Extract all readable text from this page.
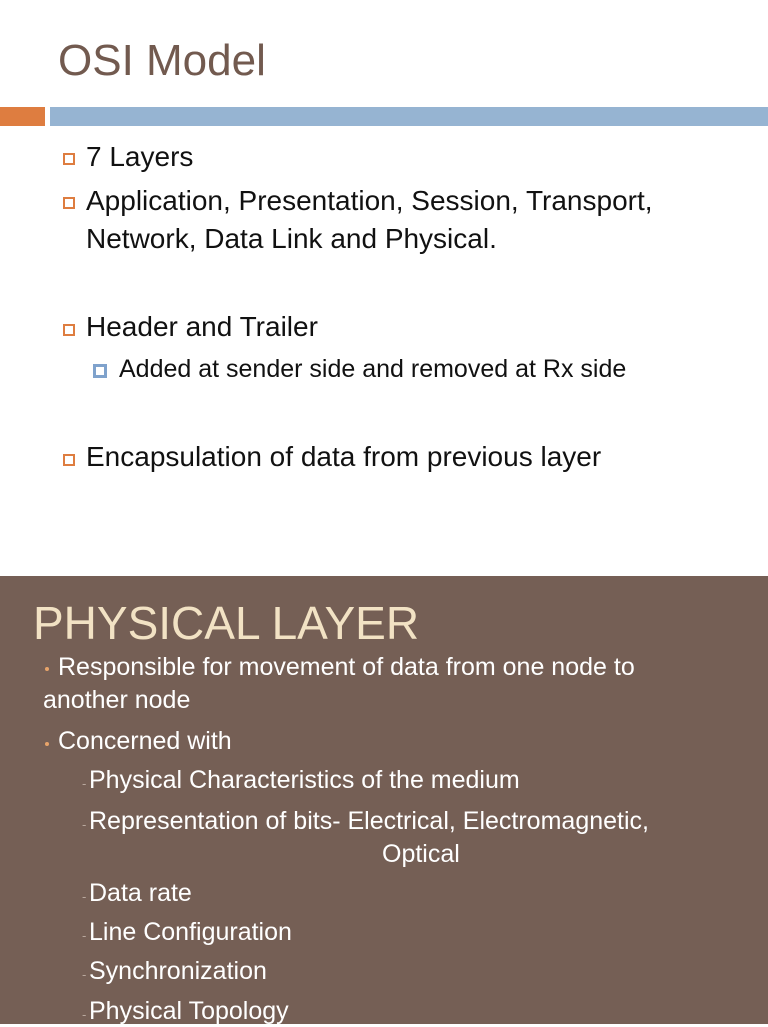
OSI Model
7 Layers
Application, Presentation, Session, Transport,
Network, Data Link and Physical.
Header and Trailer
Added at sender side and removed at Rx side
Encapsulation of data from previous layer
PHYSICAL LAYER
Responsible for movement of data from one node to
another node
Concerned with
- Physical Characteristics of the medium
- Representation of bits- Electrical, Electromagnetic,
Optical
- Data rate
- Line Configuration
- Synchronization
- Physical Topology
